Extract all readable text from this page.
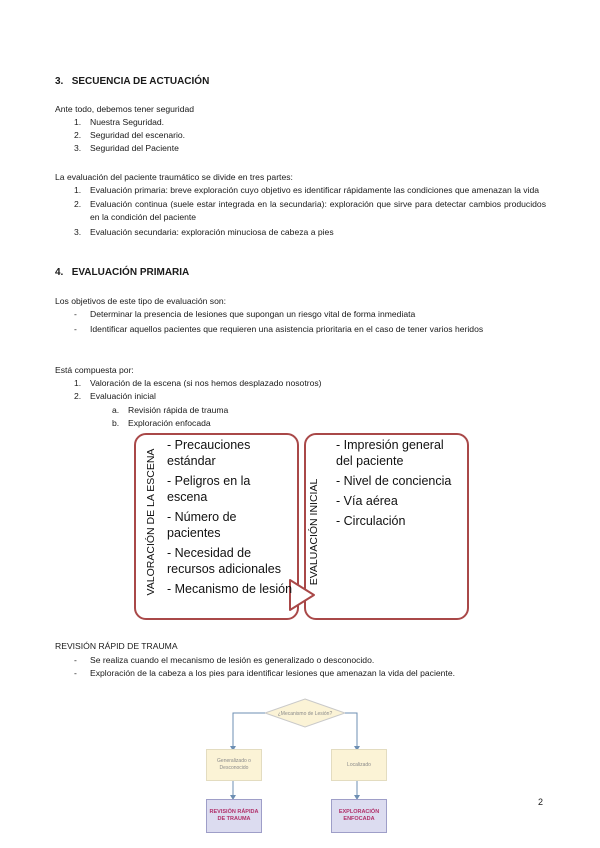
3. SECUENCIA DE ACTUACIÓN
Ante todo, debemos tener seguridad
1. Nuestra Seguridad.
2. Seguridad del escenario.
3. Seguridad del Paciente
La evaluación del paciente traumático se divide en tres partes:
1.	Evaluación primaria: breve exploración cuyo objetivo es identificar rápidamente las condiciones que amenazan la vida
2.	Evaluación continua (suele estar integrada en la secundaria): exploración que sirve para detectar cambios producidos en la condición del paciente
3.	Evaluación secundaria: exploración minuciosa de cabeza a pies
4. EVALUACIÓN PRIMARIA
Los objetivos de este tipo de evaluación son:
-	Determinar la presencia de lesiones que supongan un riesgo vital de forma inmediata
-	Identificar aquellos pacientes que requieren una asistencia prioritaria en el caso de tener varios heridos
Está compuesta por:
1. Valoración de la escena (si nos hemos desplazado nosotros)
2. Evaluación inicial
a. Revisión rápida de trauma
b. Exploración enfocada
VALORACIÓN DE LA ESCENA	EVALUACIÓN INICIAL
- Precauciones estándar
- Peligros en la escena
- Número de pacientes
- Necesidad de recursos adicionales
- Mecanismo de lesión
- Impresión general del paciente
- Nivel de conciencia
- Vía aérea
- Circulación
REVISIÓN RÁPID DE TRAUMA
- Se realiza cuando el mecanismo de lesión es generalizado o desconocido.
- Exploración de la cabeza a los pies para identificar lesiones que amenazan la vida del paciente.
¿Mecanismo de Lesión?
Generalizado o Desconocido
Localizado
REVISIÓN RÁPIDA DE TRAUMA
EXPLORACIÓN ENFOCADA
2
